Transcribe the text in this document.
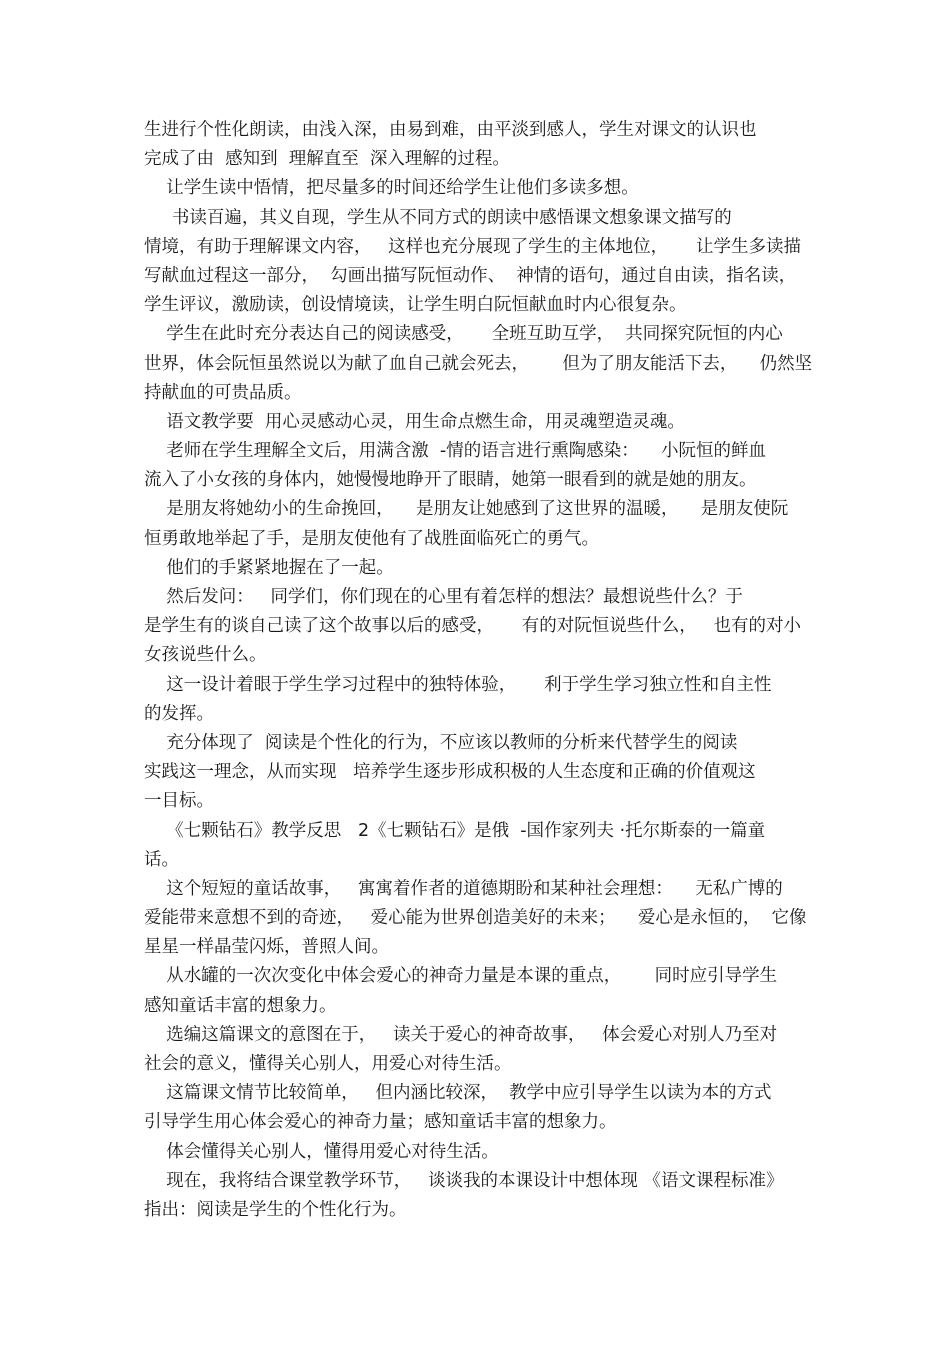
生进行个性化朗读，由浅入深，由易到难，由平淡到感人，学生对课文的认识也
完成了由  感知到  理解直至  深入理解的过程。
让学生读中悟情，把尽量多的时间还给学生让他们多读多想。
书读百遍，其义自现，学生从不同方式的朗读中感悟课文想象课文描写的
情境，有助于理解课文内容，   这样也充分展现了学生的主体地位，     让学生多读描
写献血过程这一部分，  勾画出描写阮恒动作、  神情的语句，通过自由读，指名读，
学生评议，激励读，创设情境读，让学生明白阮恒献血时内心很复杂。
学生在此时充分表达自己的阅读感受，     全班互助互学，  共同探究阮恒的内心
世界，体会阮恒虽然说以为献了血自己就会死去，      但为了朋友能活下去，    仍然坚
持献血的可贵品质。
语文教学要  用心灵感动心灵，用生命点燃生命，用灵魂塑造灵魂。
老师在学生理解全文后，用满含激  -情的语言进行熏陶感染：    小阮恒的鲜血
流入了小女孩的身体内，她慢慢地睁开了眼睛，她第一眼看到的就是她的朋友。
是朋友将她幼小的生命挽回，    是朋友让她感到了这世界的温暖，    是朋友使阮
恒勇敢地举起了手，是朋友使他有了战胜面临死亡的勇气。
他们的手紧紧地握在了一起。
然后发问：   同学们，你们现在的心里有着怎样的想法？最想说些什么？于
是学生有的谈自己读了这个故事以后的感受，     有的对阮恒说些什么，   也有的对小
女孩说些什么。
这一设计着眼于学生学习过程中的独特体验，     利于学生学习独立性和自主性
的发挥。
充分体现了  阅读是个性化的行为，不应该以教师的分析来代替学生的阅读
实践这一理念，从而实现   培养学生逐步形成积极的人生态度和正确的价值观这
一目标。
《七颗钻石》教学反思   2《七颗钻石》是俄  -国作家列夫 ·托尔斯泰的一篇童
话。
这个短短的童话故事，   寓寓着作者的道德期盼和某种社会理想：    无私广博的
爱能带来意想不到的奇迹，   爱心能为世界创造美好的未来；    爱心是永恒的，  它像
星星一样晶莹闪烁，普照人间。
从水罐的一次次变化中体会爱心的神奇力量是本课的重点，      同时应引导学生
感知童话丰富的想象力。
选编这篇课文的意图在于，   读关于爱心的神奇故事，   体会爱心对别人乃至对
社会的意义，懂得关心别人，用爱心对待生活。
这篇课文情节比较简单，   但内涵比较深，  教学中应引导学生以读为本的方式
引导学生用心体会爱心的神奇力量；感知童话丰富的想象力。
体会懂得关心别人，懂得用爱心对待生活。
现在，我将结合课堂教学环节，   谈谈我的本课设计中想体现 《语文课程标准》
指出：阅读是学生的个性化行为。
